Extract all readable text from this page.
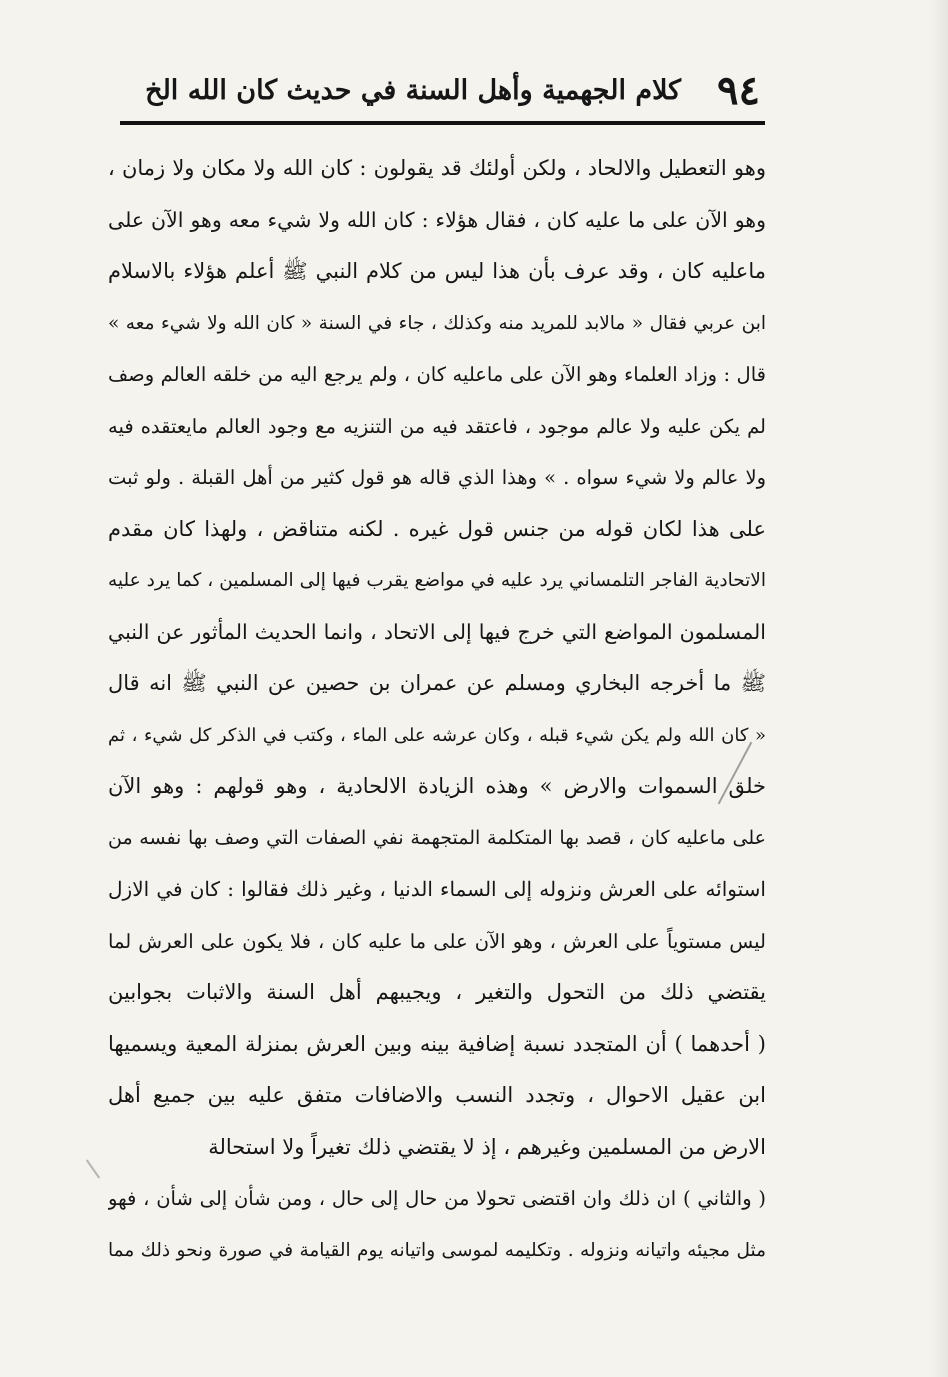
٩٤
كلام الجهمية وأهل السنة في حديث كان الله الخ
وهو التعطيل والالحاد ، ولكن أولئك قد يقولون : كان الله ولا مكان ولا زمان ،
وهو الآن على ما عليه كان ، فقال هؤلاء : كان الله ولا شيء معه وهو الآن على
ماعليه كان ، وقد عرف بأن هذا ليس من كلام النبي ﷺ أعلم هؤلاء بالاسلام
ابن عربي فقال « مالابد للمريد منه وكذلك ، جاء في السنة « كان الله ولا شيء معه »
قال : وزاد العلماء وهو الآن على ماعليه كان ، ولم يرجع اليه من خلقه العالم وصف
لم يكن عليه ولا عالم موجود ، فاعتقد فيه من التنزيه مع وجود العالم مايعتقده فيه
ولا عالم ولا شيء سواه . » وهذا الذي قاله هو قول كثير من أهل القبلة . ولو ثبت
على هذا لكان قوله من جنس قول غيره . لكنه متناقض ، ولهذا كان مقدم
الاتحادية الفاجر التلمساني يرد عليه في مواضع يقرب فيها إلى المسلمين ، كما يرد عليه
المسلمون المواضع التي خرج فيها إلى الاتحاد ، وانما الحديث المأثور عن النبي
ﷺ ما أخرجه البخاري ومسلم عن عمران بن حصين عن النبي ﷺ انه قال
« كان الله ولم يكن شيء قبله ، وكان عرشه على الماء ، وكتب في الذكر كل شيء ، ثم
خلق السموات والارض » وهذه الزيادة الالحادية ، وهو قولهم : وهو الآن
على ماعليه كان ، قصد بها المتكلمة المتجهمة نفي الصفات التي وصف بها نفسه من
استوائه على العرش ونزوله إلى السماء الدنيا ، وغير ذلك فقالوا : كان في الازل
ليس مستوياً على العرش ، وهو الآن على ما عليه كان ، فلا يكون على العرش لما
يقتضي ذلك من التحول والتغير ، ويجيبهم أهل السنة والاثبات بجوابين
( أحدهما ) أن المتجدد نسبة إضافية بينه وبين العرش بمنزلة المعية ويسميها
ابن عقيل الاحوال ، وتجدد النسب والاضافات متفق عليه بين جميع أهل
الارض من المسلمين وغيرهم ، إذ لا يقتضي ذلك تغيراً ولا استحالة
( والثاني ) ان ذلك وان اقتضى تحولا من حال إلى حال ، ومن شأن إلى شأن ، فهو
مثل مجيئه واتيانه ونزوله . وتكليمه لموسى واتيانه يوم القيامة في صورة ونحو ذلك مما
